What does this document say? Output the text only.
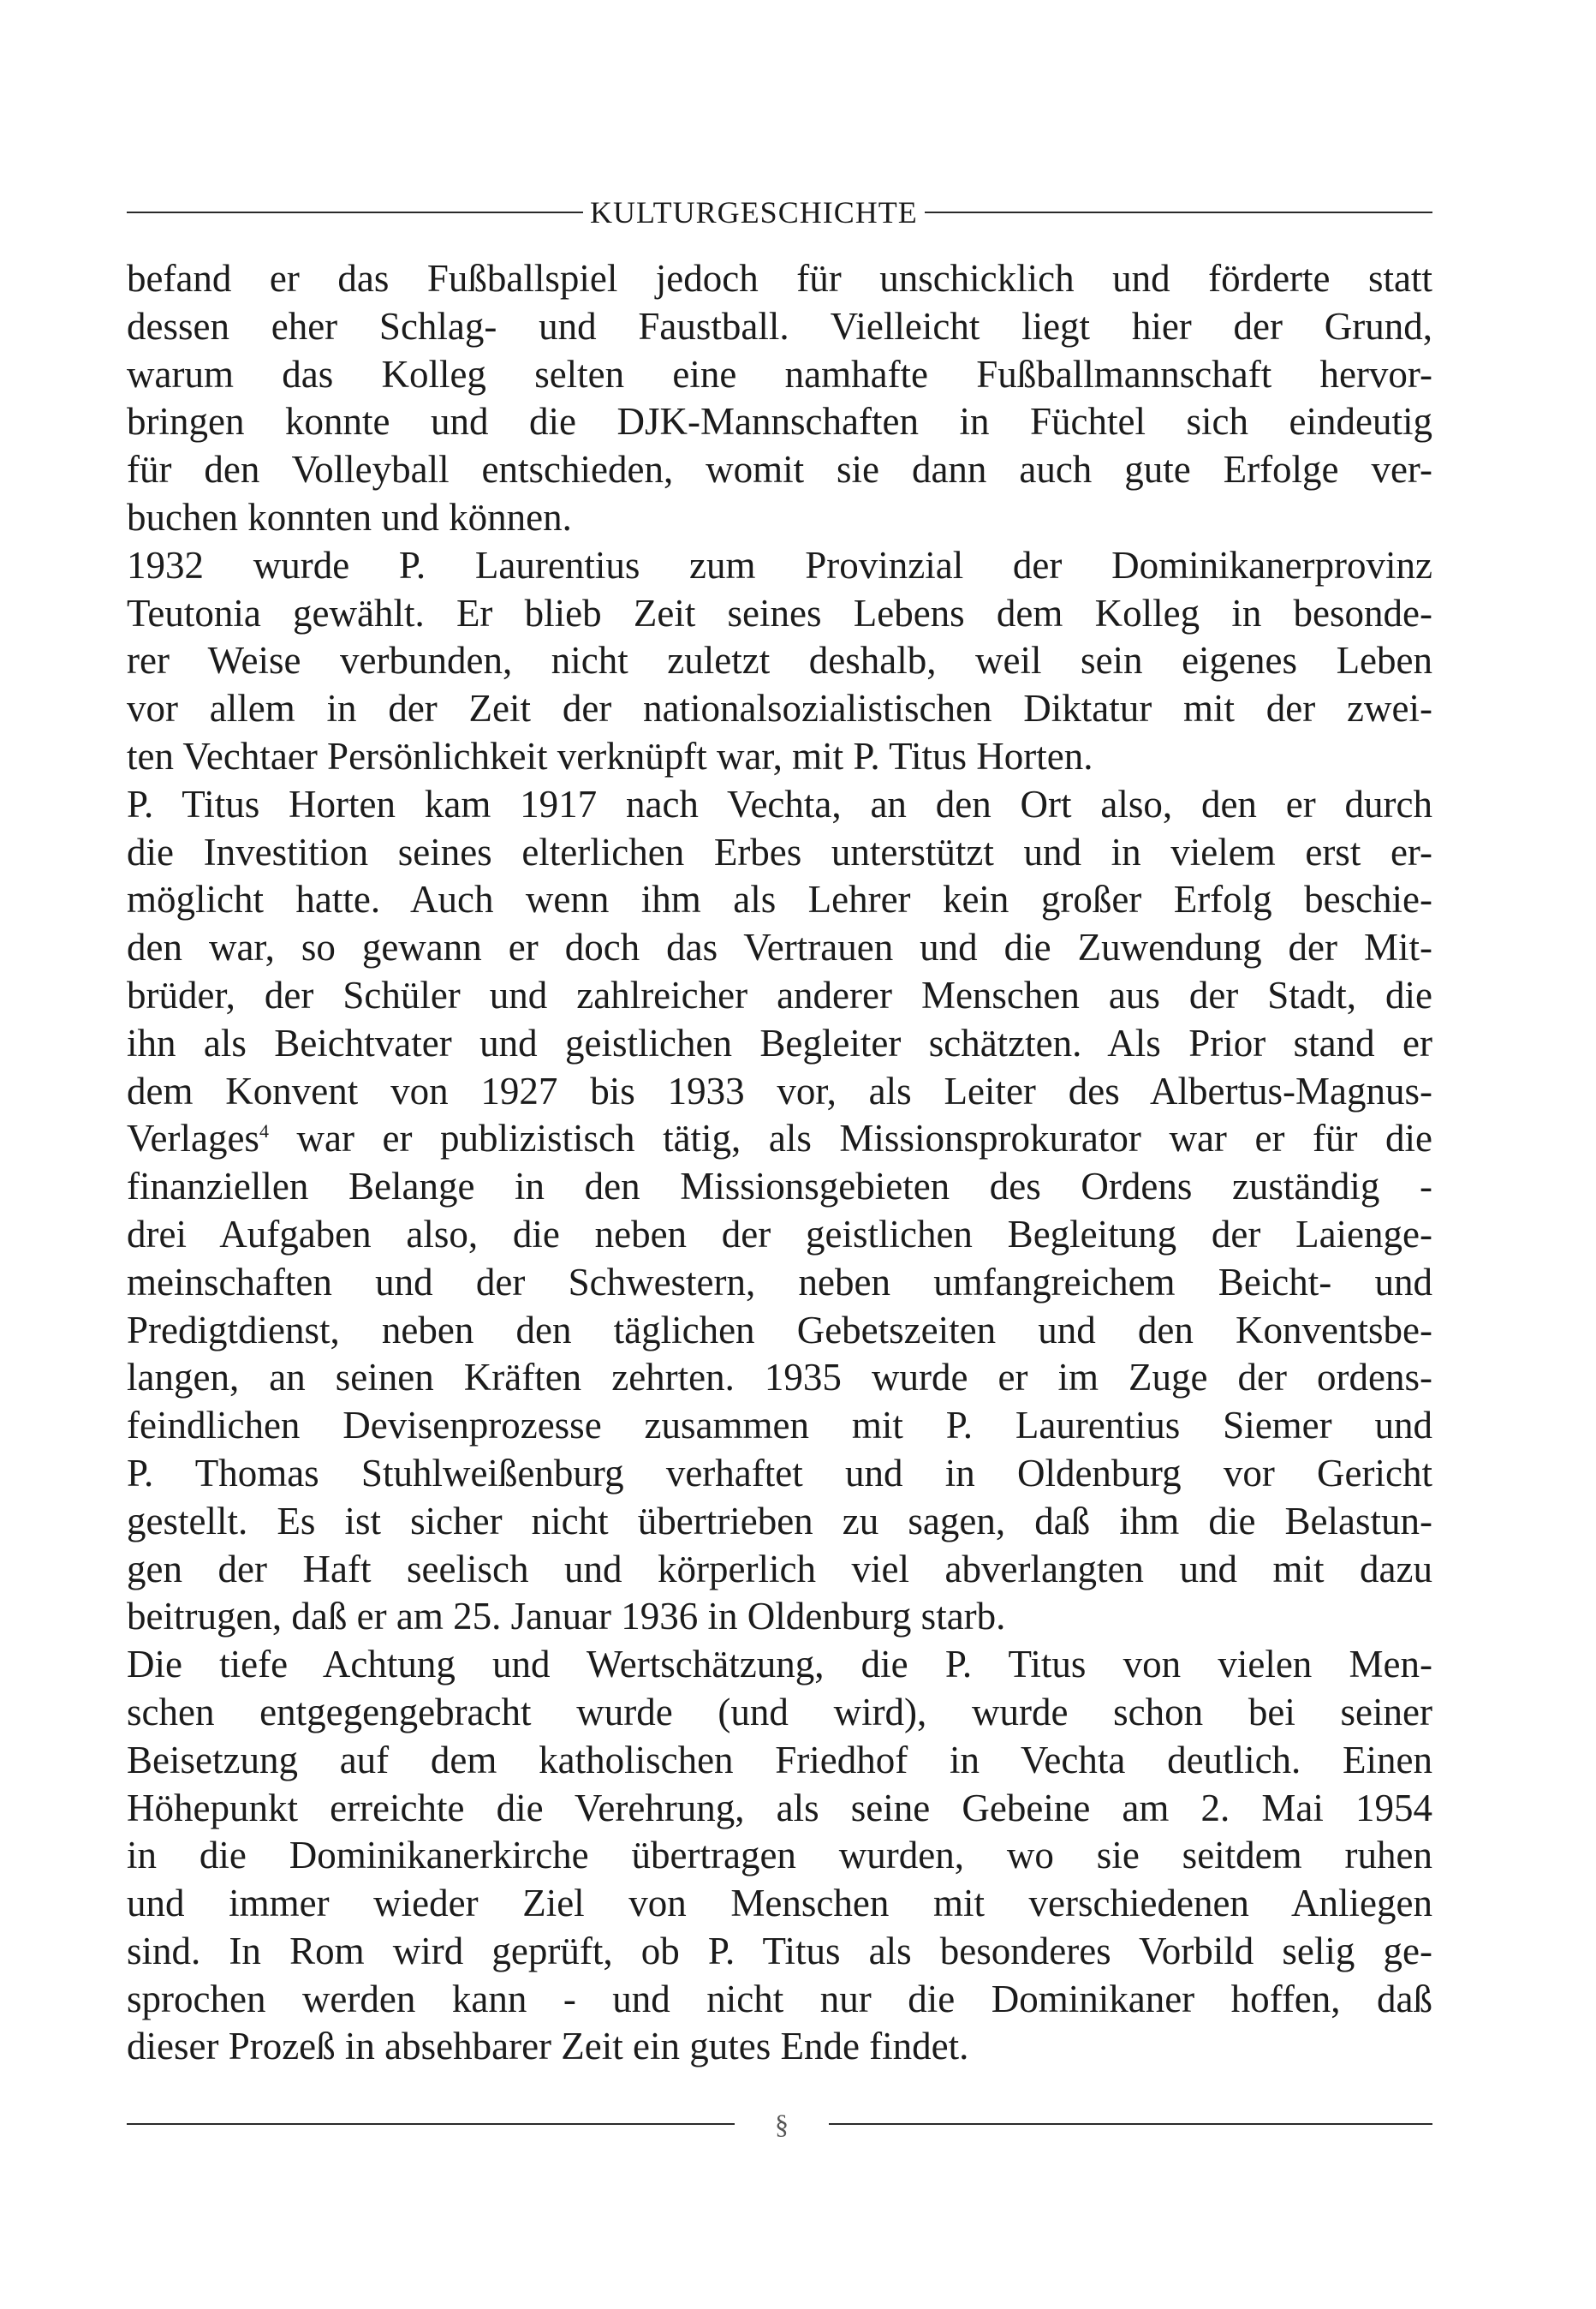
KULTURGESCHICHTE
befand er das Fußballspiel jedoch für unschicklich und förderte statt
dessen eher Schlag- und Faustball. Vielleicht liegt hier der Grund,
warum das Kolleg selten eine namhafte Fußballmannschaft hervor-
bringen konnte und die DJK-Mannschaften in Füchtel sich eindeutig
für den Volleyball entschieden, womit sie dann auch gute Erfolge ver-
buchen konnten und können.
1932 wurde P. Laurentius zum Provinzial der Dominikanerprovinz
Teutonia gewählt. Er blieb Zeit seines Lebens dem Kolleg in besonde-
rer Weise verbunden, nicht zuletzt deshalb, weil sein eigenes Leben
vor allem in der Zeit der nationalsozialistischen Diktatur mit der zwei-
ten Vechtaer Persönlichkeit verknüpft war, mit P. Titus Horten.
P. Titus Horten kam 1917 nach Vechta, an den Ort also, den er durch
die Investition seines elterlichen Erbes unterstützt und in vielem erst er-
möglicht hatte. Auch wenn ihm als Lehrer kein großer Erfolg beschie-
den war, so gewann er doch das Vertrauen und die Zuwendung der Mit-
brüder, der Schüler und zahlreicher anderer Menschen aus der Stadt, die
ihn als Beichtvater und geistlichen Begleiter schätzten. Als Prior stand er
dem Konvent von 1927 bis 1933 vor, als Leiter des Albertus-Magnus-
Verlages$^4$ war er publizistisch tätig, als Missionsprokurator war er für die
finanziellen Belange in den Missionsgebieten des Ordens zuständig -
drei Aufgaben also, die neben der geistlichen Begleitung der Laienge-
meinschaften und der Schwestern, neben umfangreichem Beicht- und
Predigtdienst, neben den täglichen Gebetszeiten und den Konventsbe-
langen, an seinen Kräften zehrten. 1935 wurde er im Zuge der ordens-
feindlichen Devisenprozesse zusammen mit P. Laurentius Siemer und
P. Thomas Stuhlweißenburg verhaftet und in Oldenburg vor Gericht
gestellt. Es ist sicher nicht übertrieben zu sagen, daß ihm die Belastun-
gen der Haft seelisch und körperlich viel abverlangten und mit dazu
beitrugen, daß er am 25. Januar 1936 in Oldenburg starb.
Die tiefe Achtung und Wertschätzung, die P. Titus von vielen Men-
schen entgegengebracht wurde (und wird), wurde schon bei seiner
Beisetzung auf dem katholischen Friedhof in Vechta deutlich. Einen
Höhepunkt erreichte die Verehrung, als seine Gebeine am 2. Mai 1954
in die Dominikanerkirche übertragen wurden, wo sie seitdem ruhen
und immer wieder Ziel von Menschen mit verschiedenen Anliegen
sind. In Rom wird geprüft, ob P. Titus als besonderes Vorbild selig ge-
sprochen werden kann - und nicht nur die Dominikaner hoffen, daß
dieser Prozeß in absehbarer Zeit ein gutes Ende findet.
§
